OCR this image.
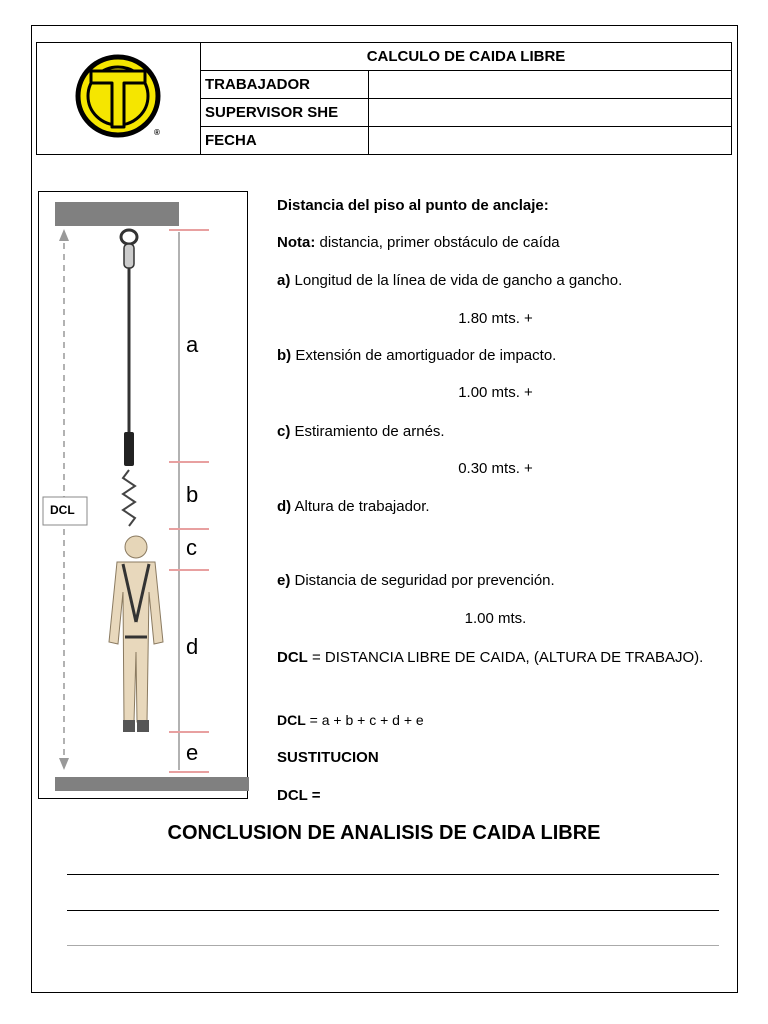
®	CALCULO DE CAIDA LIBRE	
	TRABAJADOR	
	SUPERVISOR SHE	
	FECHA	
DCL
a
b
c
d
e
Distancia del piso al punto de anclaje:
Nota: distancia, primer obstáculo de caída
a) Longitud de la línea de vida de gancho a gancho.
1.80 mts. +
b) Extensión de amortiguador de impacto.
1.00 mts. +
c) Estiramiento de arnés.
0.30 mts. +
d) Altura de trabajador.
e) Distancia de seguridad por prevención.
1.00 mts.
DCL = DISTANCIA LIBRE DE CAIDA, (ALTURA DE TRABAJO).
DCL = a + b + c + d + e
SUSTITUCION
DCL =
CONCLUSION DE ANALISIS DE CAIDA LIBRE
